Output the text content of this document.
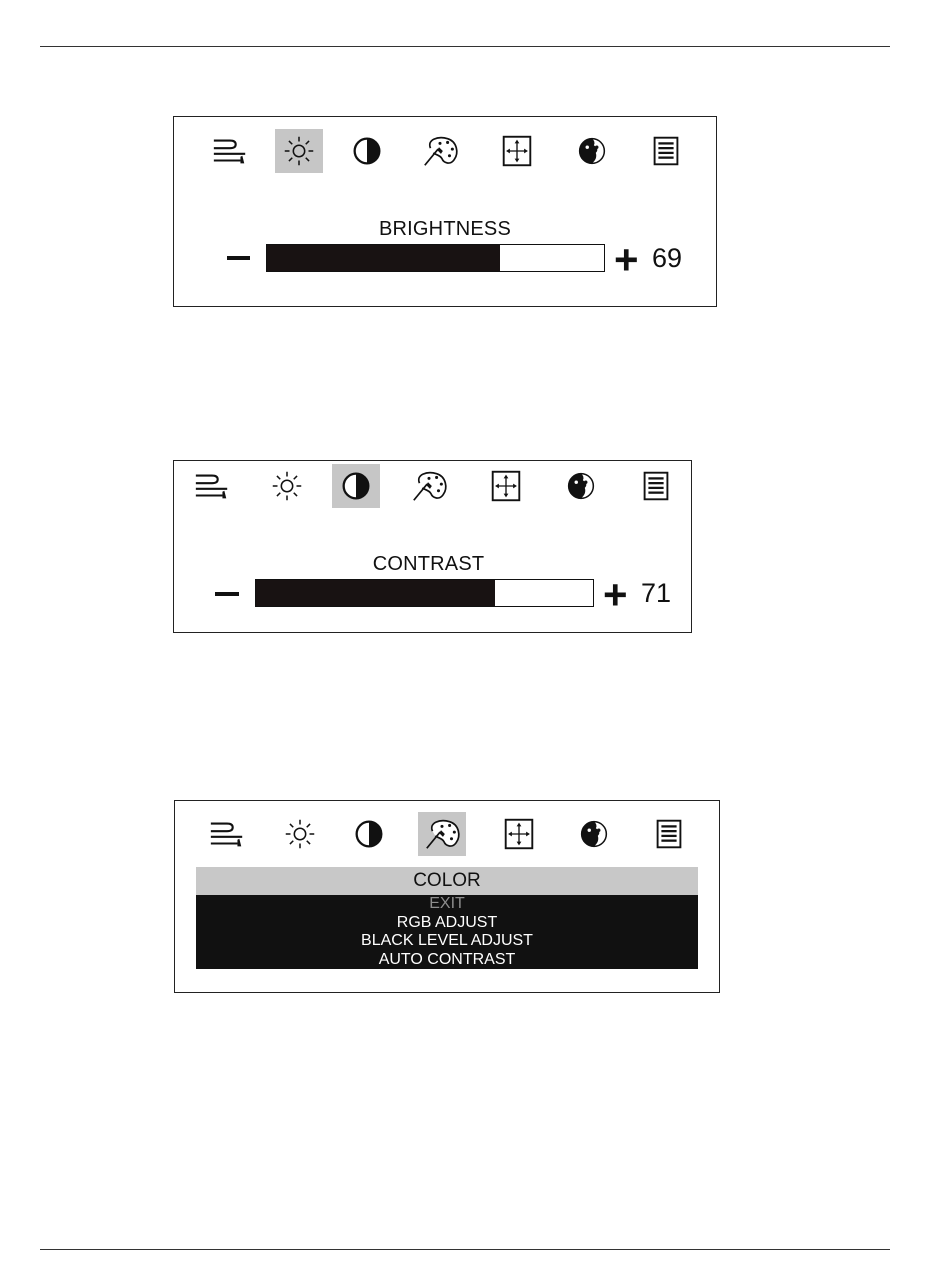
BRIGHTNESS
+ 69
CONTRAST
+ 71
COLOR
EXIT
RGB ADJUST
BLACK LEVEL ADJUST
AUTO CONTRAST
